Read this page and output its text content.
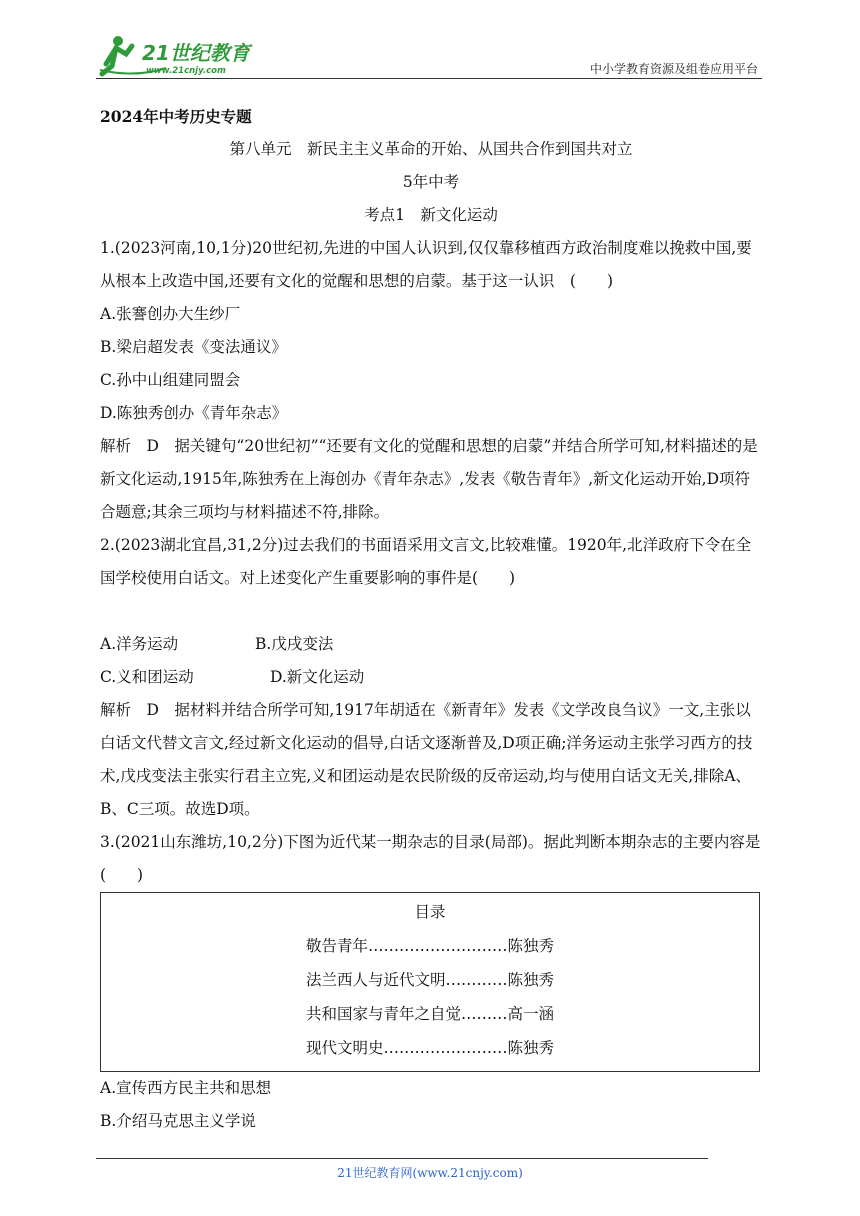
21世纪教育
www.21cnjy.com	中小学教育资源及组卷应用平台

2024年中考历史专题

第八单元　新民主主义革命的开始、从国共合作到国共对立

5年中考

考点1　新文化运动

1.(2023河南,10,1分)20世纪初,先进的中国人认识到,仅仅靠移植西方政治制度难以挽救中国,要从根本上改造中国,还要有文化的觉醒和思想的启蒙。基于这一认识　(　　)

A.张謇创办大生纱厂

B.梁启超发表《变法通议》

C.孙中山组建同盟会

D.陈独秀创办《青年杂志》

解析　D　据关键句“20世纪初”“还要有文化的觉醒和思想的启蒙”并结合所学可知,材料描述的是新文化运动,1915年,陈独秀在上海创办《青年杂志》,发表《敬告青年》,新文化运动开始,D项符合题意;其余三项均与材料描述不符,排除。

2.(2023湖北宜昌,31,2分)过去我们的书面语采用文言文,比较难懂。1920年,北洋政府下令在全国学校使用白话文。对上述变化产生重要影响的事件是(　　)

A.洋务运动	B.戊戌变法

C.义和团运动	D.新文化运动

解析　D　据材料并结合所学可知,1917年胡适在《新青年》发表《文学改良刍议》一文,主张以白话文代替文言文,经过新文化运动的倡导,白话文逐渐普及,D项正确;洋务运动主张学习西方的技术,戊戌变法主张实行君主立宪,义和团运动是农民阶级的反帝运动,均与使用白话文无关,排除A、B、C三项。故选D项。

3.(2021山东潍坊,10,2分)下图为近代某一期杂志的目录(局部)。据此判断本期杂志的主要内容是(　　)

目录
敬告青年………………………陈独秀
法兰西人与近代文明…………陈独秀
共和国家与青年之自觉………高一涵
现代文明史……………………陈独秀

A.宣传西方民主共和思想

B.介绍马克思主义学说

21世纪教育网(www.21cnjy.com)
